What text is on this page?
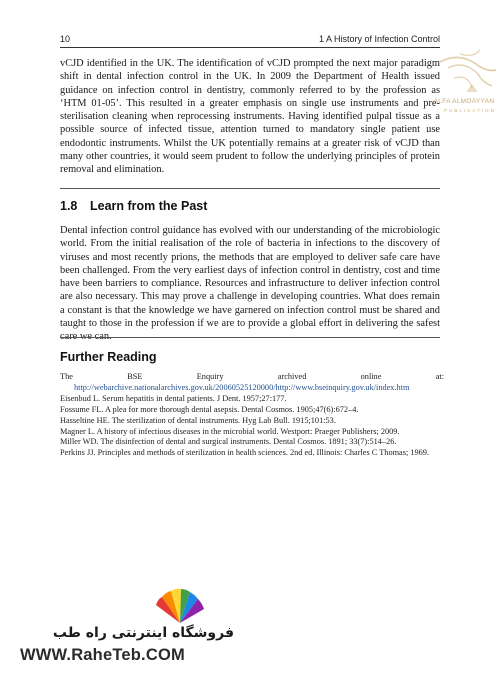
10	1 A History of Infection Control

vCJD identified in the UK. The identification of vCJD prompted the next major paradigm shift in dental infection control in the UK. In 2009 the Department of Health issued guidance on infection control in dentistry, commonly referred to by the profession as ‘HTM 01-05’. This resulted in a greater emphasis on single use instruments and pre-sterilisation cleaning when reprocessing instruments. Having identified pulpal tissue as a possible source of infected tissue, attention turned to mandatory single patient use endodontic instruments. Whilst the UK potentially remains at a greater risk of vCJD than many other countries, it would seem prudent to follow the underlying principles of protein removal and elimination.

1.8 Learn from the Past

Dental infection control guidance has evolved with our understanding of the microbiologic world. From the initial realisation of the role of bacteria in infections to the discovery of viruses and most recently prions, the methods that are employed to deliver safe care have been challenged. From the very earliest days of infection control in dentistry, cost and time have been barriers to compliance. Resources and infrastructure to deliver infection control are also necessary. This may prove a challenge in developing countries. What does remain a constant is that the knowledge we have garnered on infection control must be shared and taught to those in the profession if we are to provide a global effort in delivering the safest care we can.

Further Reading
The BSE Enquiry archived online at: http://webarchive.nationalarchives.gov.uk/20060525120000/http://www.bseinquiry.gov.uk/index.htm
Eisenbud L. Serum hepatitis in dental patients. J Dent. 1957;27:177.
Fossume FL. A plea for more thorough dental asepsis. Dental Cosmos. 1905;47(6):672–4.
Hasseltine HE. The sterilization of dental instruments. Hyg Lab Bull. 1915;101:53.
Magner L. A history of infectious diseases in the microbial world. Westport: Praeger Publishers; 2009.
Miller WD. The disinfection of dental and surgical instruments. Dental Cosmos. 1891; 33(7):514–26.
Perkins JJ. Principles and methods of sterilization in health sciences. 2nd ed. Illinois: Charles C Thomas; 1969.
ALFA ALMOAYYAN
PUBLICATION
فروشگاه اینترنتی راه طب
WWW.RaheTeb.COM
